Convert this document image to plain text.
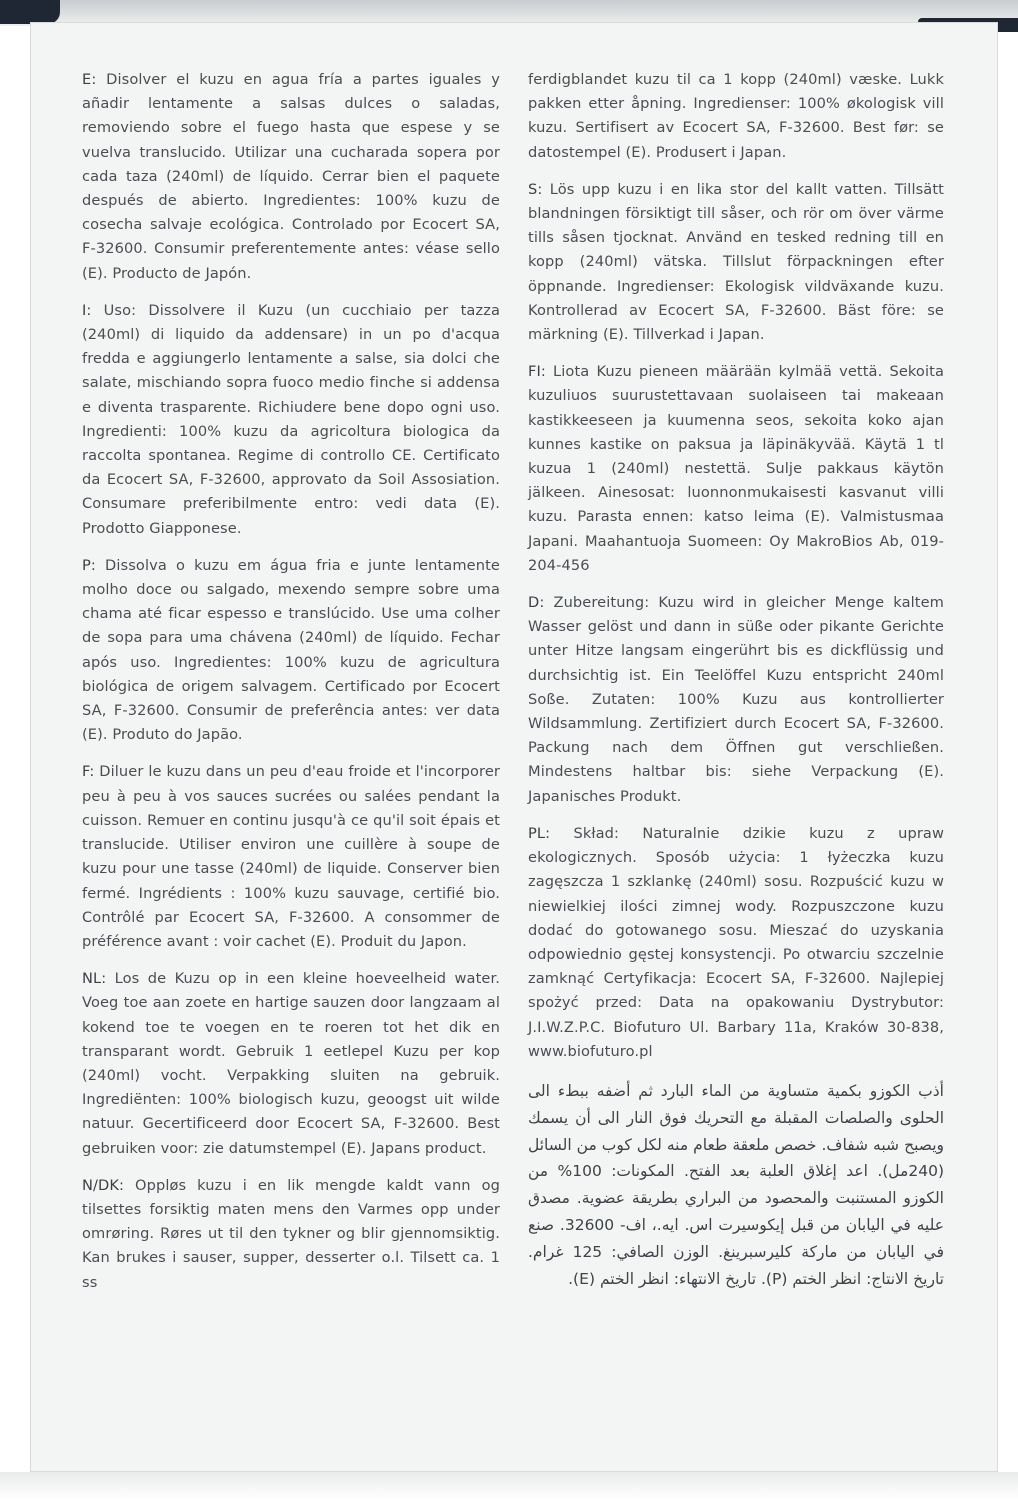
E: Disolver el kuzu en agua fría a partes iguales y añadir lentamente a salsas dulces o saladas, removiendo sobre el fuego hasta que espese y se vuelva translucido. Utilizar una cucharada sopera por cada taza (240ml) de líquido. Cerrar bien el paquete después de abierto. Ingredientes: 100% kuzu de cosecha salvaje ecológica. Controlado por Ecocert SA, F-32600. Consumir preferentemente antes: véase sello (E). Producto de Japón.

I: Uso: Dissolvere il Kuzu (un cucchiaio per tazza (240ml) di liquido da addensare) in un po d'acqua fredda e aggiungerlo lentamente a salse, sia dolci che salate, mischiando sopra fuoco medio finche si addensa e diventa trasparente. Richiudere bene dopo ogni uso. Ingredienti: 100% kuzu da agricoltura biologica da raccolta spontanea. Regime di controllo CE. Certificato da Ecocert SA, F-32600, approvato da Soil Assosiation. Consumare preferibilmente entro: vedi data (E). Prodotto Giapponese.

P: Dissolva o kuzu em água fria e junte lentamente molho doce ou salgado, mexendo sempre sobre uma chama até ficar espesso e translúcido. Use uma colher de sopa para uma chávena (240ml) de líquido. Fechar após uso. Ingredientes: 100% kuzu de agricultura biológica de origem salvagem. Certificado por Ecocert SA, F-32600. Consumir de preferência antes: ver data (E). Produto do Japão.

F: Diluer le kuzu dans un peu d'eau froide et l'incorporer peu à peu à vos sauces sucrées ou salées pendant la cuisson. Remuer en continu jusqu'à ce qu'il soit épais et translucide. Utiliser environ une cuillère à soupe de kuzu pour une tasse (240ml) de liquide. Conserver bien fermé. Ingrédients : 100% kuzu sauvage, certifié bio. Contrôlé par Ecocert SA, F-32600. A consommer de préférence avant : voir cachet (E). Produit du Japon.

NL: Los de Kuzu op in een kleine hoeveelheid water. Voeg toe aan zoete en hartige sauzen door langzaam al kokend toe te voegen en te roeren tot het dik en transparant wordt. Gebruik 1 eetlepel Kuzu per kop (240ml) vocht. Verpakking sluiten na gebruik. Ingrediënten: 100% biologisch kuzu, geoogst uit wilde natuur. Gecertificeerd door Ecocert SA, F-32600. Best gebruiken voor: zie datumstempel (E). Japans product.

N/DK: Oppløs kuzu i en lik mengde kaldt vann og tilsettes forsiktig maten mens den Varmes opp under omrøring. Røres ut til den tykner og blir gjennomsiktig. Kan brukes i sauser, supper, desserter o.l. Tilsett ca. 1 ss

ferdigblandet kuzu til ca 1 kopp (240ml) væske. Lukk pakken etter åpning. Ingredienser: 100% økologisk vill kuzu. Sertifisert av Ecocert SA, F-32600. Best før: se datostempel (E). Produsert i Japan.

S: Lös upp kuzu i en lika stor del kallt vatten. Tillsätt blandningen försiktigt till såser, och rör om över värme tills såsen tjocknat. Använd en tesked redning till en kopp (240ml) vätska. Tillslut förpackningen efter öppnande. Ingredienser: Ekologisk vildväxande kuzu. Kontrollerad av Ecocert SA, F-32600. Bäst före: se märkning (E). Tillverkad i Japan.

FI: Liota Kuzu pieneen määrään kylmää vettä. Sekoita kuzuliuos suurustettavaan suolaiseen tai makeaan kastikkeeseen ja kuumenna seos, sekoita koko ajan kunnes kastike on paksua ja läpinäkyvää. Käytä 1 tl kuzua 1 (240ml) nestettä. Sulje pakkaus käytön jälkeen. Ainesosat: luonnonmukaisesti kasvanut villi kuzu. Parasta ennen: katso leima (E). Valmistusmaa Japani. Maahantuoja Suomeen: Oy MakroBios Ab, 019-204-456

D: Zubereitung: Kuzu wird in gleicher Menge kaltem Wasser gelöst und dann in süße oder pikante Gerichte unter Hitze langsam eingerührt bis es dickflüssig und durchsichtig ist. Ein Teelöffel Kuzu entspricht 240ml Soße. Zutaten: 100% Kuzu aus kontrollierter Wildsammlung. Zertifiziert durch Ecocert SA, F-32600. Packung nach dem Öffnen gut verschließen. Mindestens haltbar bis: siehe Verpackung (E). Japanisches Produkt.

PL: Skład: Naturalnie dzikie kuzu z upraw ekologicznych. Sposób użycia: 1 łyżeczka kuzu zagęszcza 1 szklankę (240ml) sosu. Rozpuścić kuzu w niewielkiej ilości zimnej wody. Rozpuszczone kuzu dodać do gotowanego sosu. Mieszać do uzyskania odpowiednio gęstej konsystencji. Po otwarciu szczelnie zamknąć Certyfikacja: Ecocert SA, F-32600. Najlepiej spożyć przed: Data na opakowaniu Dystrybutor: J.I.W.Z.P.C. Biofuturo Ul. Barbary 11a, Kraków 30-838, www.biofuturo.pl

أذب الكوزو بكمية متساوية من الماء البارد ثم أضفه ببطء الى الحلوى والصلصات المقبلة مع التحريك فوق النار الى أن يسمك ويصبح شبه شفاف. خصص ملعقة طعام منه لكل كوب من السائل (240مل). اعد إغلاق العلبة بعد الفتح. المكونات: 100% من الكوزو المستنبت والمحصود من البراري بطريقة عضوية. مصدق عليه في اليابان من قبل إيكوسيرت اس. ايه.، اف- 32600. صنع في اليابان من ماركة كليرسبرينغ. الوزن الصافي: 125 غرام. تاريخ الانتاج: انظر الختم (P). تاريخ الانتهاء: انظر الختم (E).
